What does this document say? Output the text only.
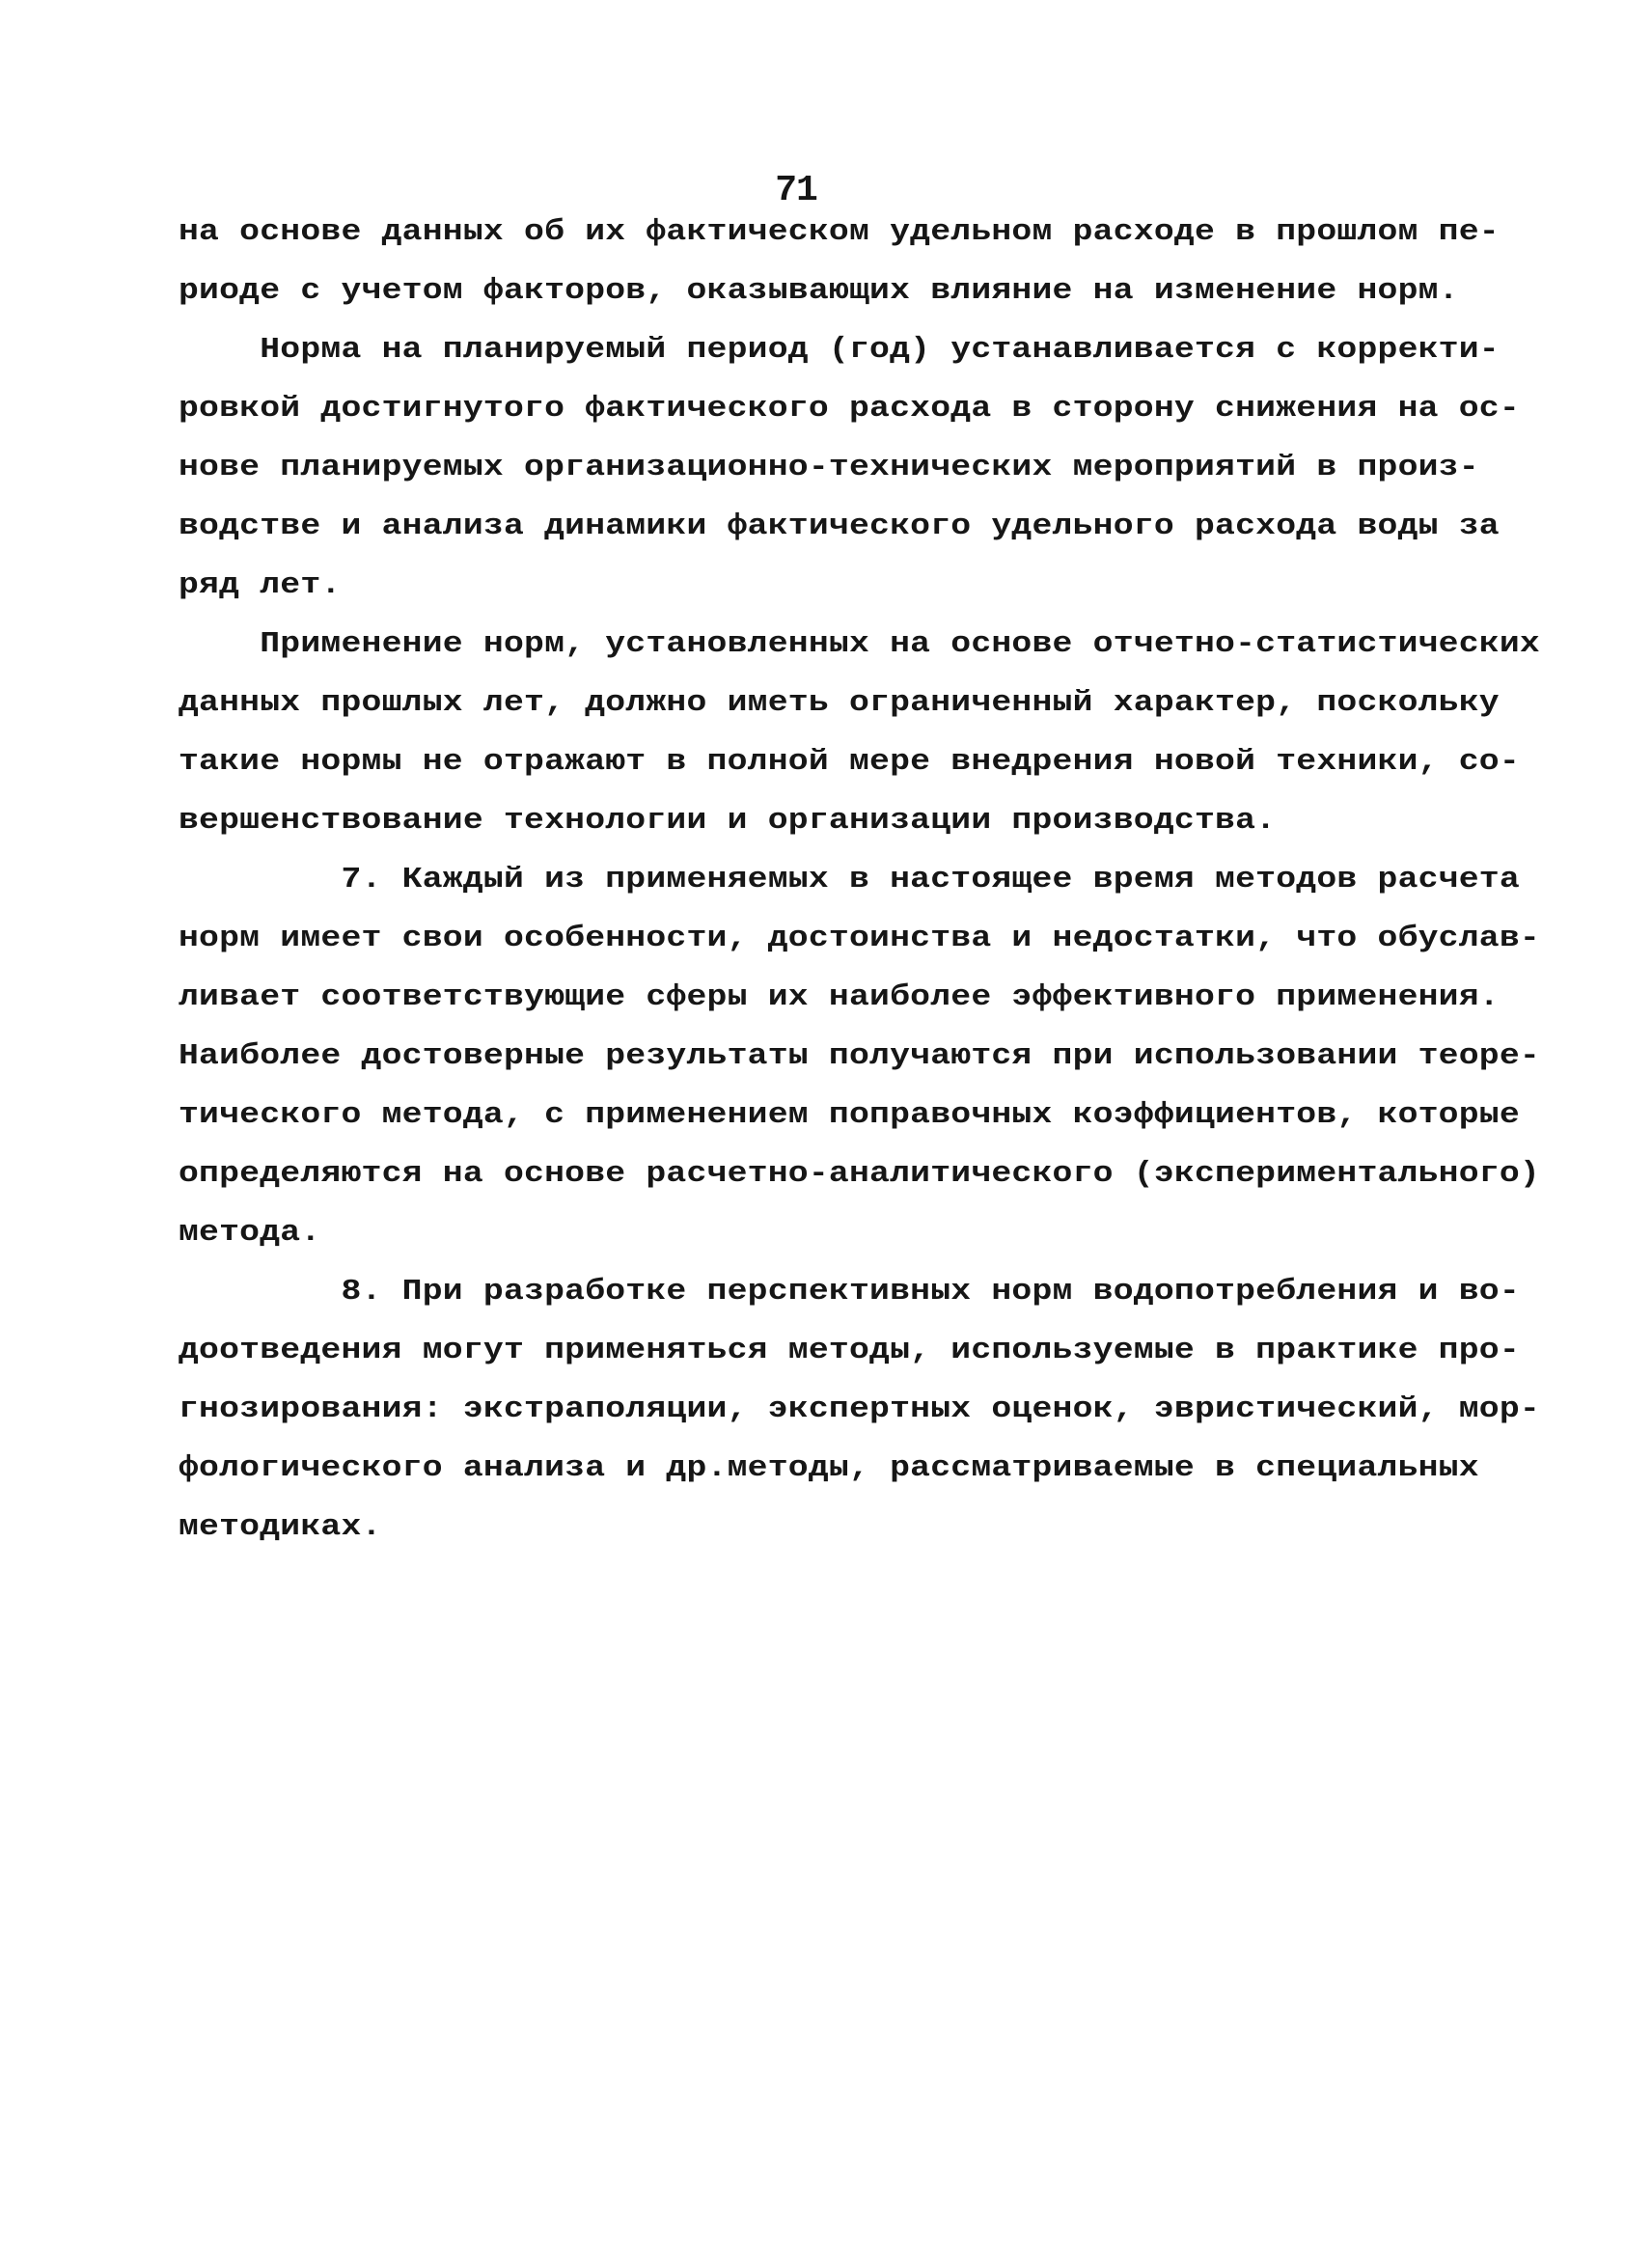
71
на основе данных об их фактическом удельном расходе в прошлом пе-
риоде с учетом факторов, оказывающих влияние на изменение норм.
Норма на планируемый период (год) устанавливается с корректи-
ровкой достигнутого фактического расхода в сторону снижения на ос-
нове планируемых организационно-технических мероприятий в произ-
водстве и анализа динамики фактического удельного расхода воды за
ряд лет.
Применение норм, установленных на основе отчетно-статистических
данных прошлых лет, должно иметь ограниченный характер, поскольку
такие нормы не отражают в полной мере внедрения новой техники, со-
вершенствование технологии и организации производства.
7. Каждый из применяемых в настоящее время методов расчета
норм имеет свои особенности, достоинства и недостатки, что обуслав-
ливает соответствующие сферы их наиболее эффективного применения.
Наиболее достоверные результаты получаются при использовании теоре-
тического метода, с применением поправочных коэффициентов, которые
определяются на основе расчетно-аналитического (экспериментального)
метода.
8. При разработке перспективных норм водопотребления и во-
доотведения могут применяться методы, используемые в практике про-
гнозирования: экстраполяции, экспертных оценок, эвристический, мор-
фологического анализа и др.методы, рассматриваемые в специальных
методиках.
